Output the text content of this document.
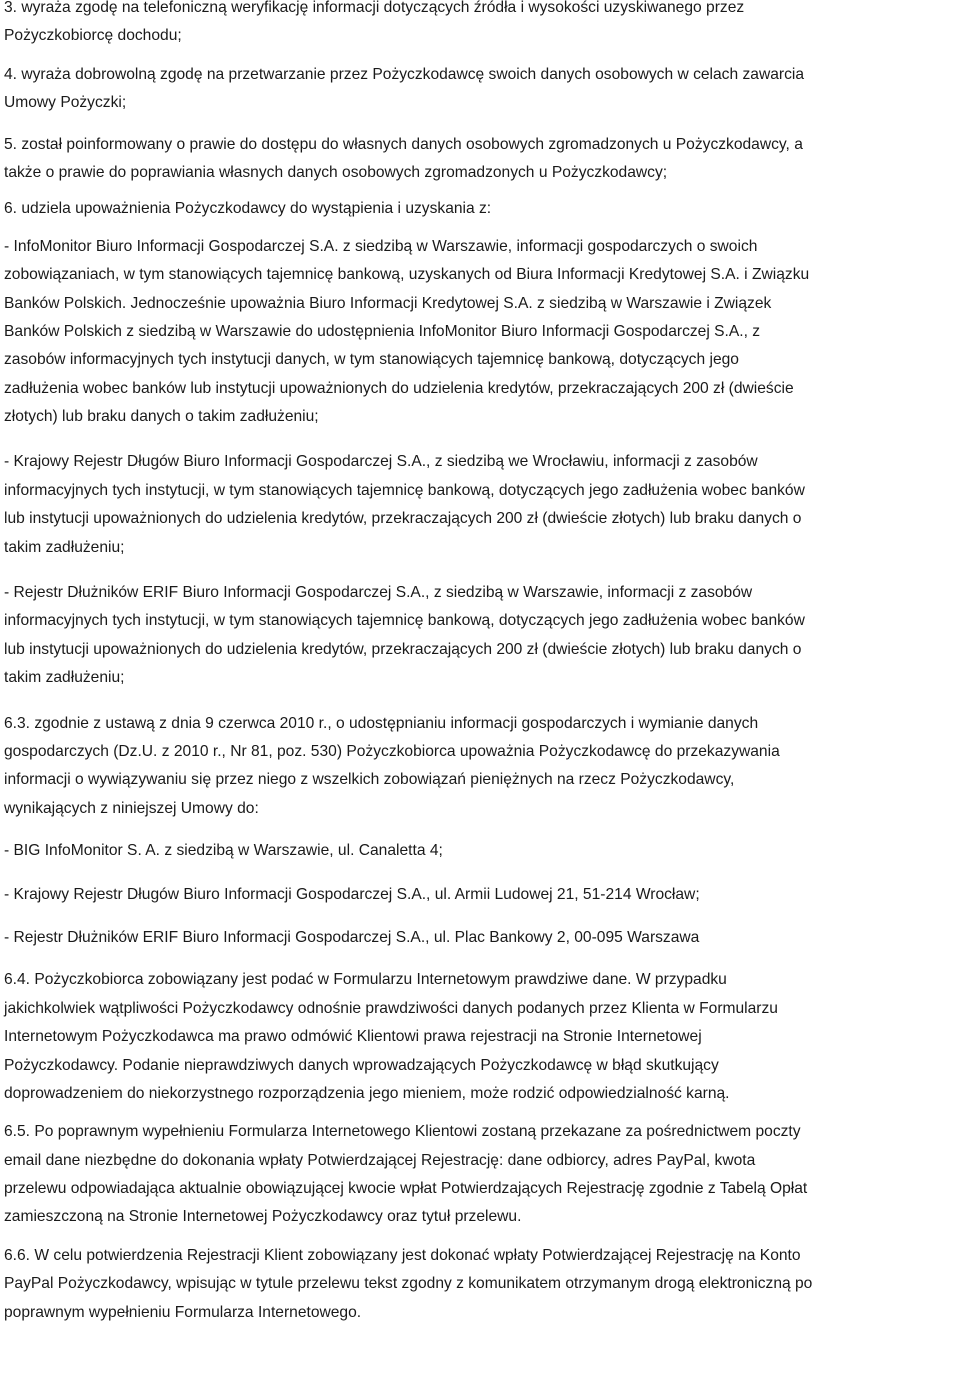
3. wyraża zgodę na telefoniczną weryfikację informacji dotyczących źródła i wysokości uzyskiwanego przez
Pożyczkobiorcę dochodu;

4. wyraża dobrowolną zgodę na przetwarzanie przez Pożyczkodawcę swoich danych osobowych w celach zawarcia
Umowy Pożyczki;

5. został poinformowany o prawie do dostępu do własnych danych osobowych zgromadzonych u Pożyczkodawcy, a
także o prawie do poprawiania własnych danych osobowych zgromadzonych u Pożyczkodawcy;

6. udziela upoważnienia Pożyczkodawcy do wystąpienia i uzyskania z:

- InfoMonitor Biuro Informacji Gospodarczej S.A. z siedzibą w Warszawie, informacji gospodarczych o swoich
zobowiązaniach, w tym stanowiących tajemnicę bankową, uzyskanych od Biura Informacji Kredytowej S.A. i Związku
Banków Polskich. Jednocześnie upoważnia Biuro Informacji Kredytowej S.A. z siedzibą w Warszawie i Związek
Banków Polskich z siedzibą w Warszawie do udostępnienia InfoMonitor Biuro Informacji Gospodarczej S.A., z
zasobów informacyjnych tych instytucji danych, w tym stanowiących tajemnicę bankową, dotyczących jego
zadłużenia wobec banków lub instytucji upoważnionych do udzielenia kredytów, przekraczających 200 zł (dwieście
złotych) lub braku danych o takim zadłużeniu;

- Krajowy Rejestr Długów Biuro Informacji Gospodarczej S.A., z siedzibą we Wrocławiu, informacji z zasobów
informacyjnych tych instytucji, w tym stanowiących tajemnicę bankową, dotyczących jego zadłużenia wobec banków
lub instytucji upoważnionych do udzielenia kredytów, przekraczających 200 zł (dwieście złotych) lub braku danych o
takim zadłużeniu;

- Rejestr Dłużników ERIF Biuro Informacji Gospodarczej S.A., z siedzibą w Warszawie, informacji z zasobów
informacyjnych tych instytucji, w tym stanowiących tajemnicę bankową, dotyczących jego zadłużenia wobec banków
lub instytucji upoważnionych do udzielenia kredytów, przekraczających 200 zł (dwieście złotych) lub braku danych o
takim zadłużeniu;

6.3. zgodnie z ustawą z dnia 9 czerwca 2010 r., o udostępnianiu informacji gospodarczych i wymianie danych
gospodarczych (Dz.U. z 2010 r., Nr 81, poz. 530) Pożyczkobiorca upoważnia Pożyczkodawcę do przekazywania
informacji o wywiązywaniu się przez niego z wszelkich zobowiązań pieniężnych na rzecz Pożyczkodawcy,
wynikających z niniejszej Umowy do:

- BIG InfoMonitor S. A. z siedzibą w Warszawie, ul. Canaletta 4;

- Krajowy Rejestr Długów Biuro Informacji Gospodarczej S.A., ul. Armii Ludowej 21, 51-214 Wrocław;

- Rejestr Dłużników ERIF Biuro Informacji Gospodarczej S.A., ul. Plac Bankowy 2, 00-095 Warszawa

6.4. Pożyczkobiorca zobowiązany jest podać w Formularzu Internetowym prawdziwe dane. W przypadku
jakichkolwiek wątpliwości Pożyczkodawcy odnośnie prawdziwości danych podanych przez Klienta w Formularzu
Internetowym Pożyczkodawca ma prawo odmówić Klientowi prawa rejestracji na Stronie Internetowej
Pożyczkodawcy. Podanie nieprawdziwych danych wprowadzających Pożyczkodawcę w błąd skutkujący
doprowadzeniem do niekorzystnego rozporządzenia jego mieniem, może rodzić odpowiedzialność karną.

6.5. Po poprawnym wypełnieniu Formularza Internetowego Klientowi zostaną przekazane za pośrednictwem poczty
email dane niezbędne do dokonania wpłaty Potwierdzającej Rejestrację: dane odbiorcy, adres PayPal, kwota
przelewu odpowiadająca aktualnie obowiązującej kwocie wpłat Potwierdzających Rejestrację zgodnie z Tabelą Opłat
zamieszczoną na Stronie Internetowej Pożyczkodawcy oraz tytuł przelewu.

6.6. W celu potwierdzenia Rejestracji Klient zobowiązany jest dokonać wpłaty Potwierdzającej Rejestrację na Konto
PayPal Pożyczkodawcy, wpisując w tytule przelewu tekst zgodny z komunikatem otrzymanym drogą elektroniczną po
poprawnym wypełnieniu Formularza Internetowego.
